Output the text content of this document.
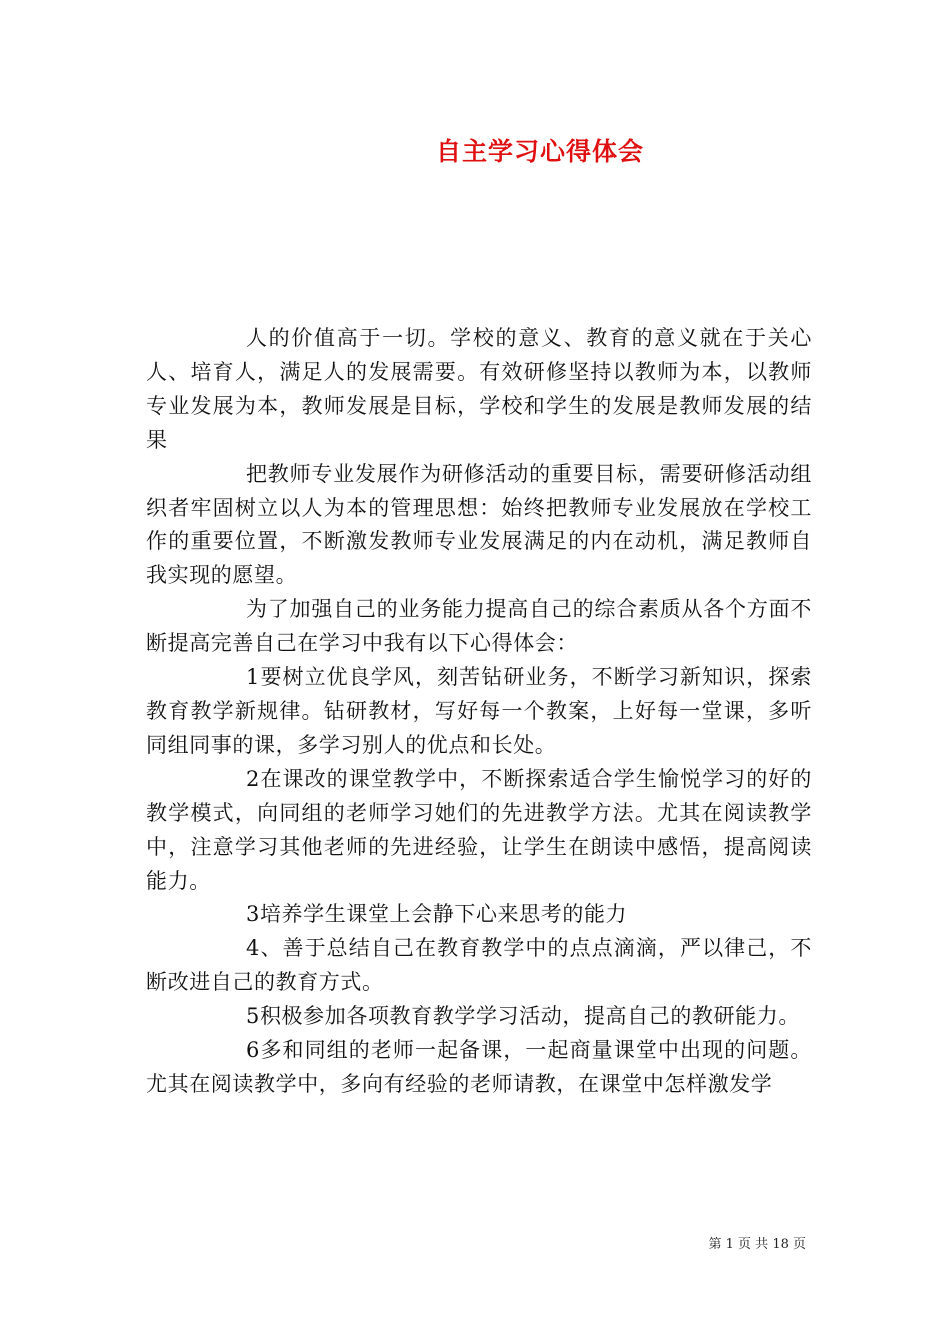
自主学习心得体会

人的价值高于一切。学校的意义、教育的意义就在于关心人、培育人，满足人的发展需要。有效研修坚持以教师为本，以教师专业发展为本，教师发展是目标，学校和学生的发展是教师发展的结果

把教师专业发展作为研修活动的重要目标，需要研修活动组织者牢固树立以人为本的管理思想：始终把教师专业发展放在学校工作的重要位置，不断激发教师专业发展满足的内在动机，满足教师自我实现的愿望。

为了加强自己的业务能力提高自己的综合素质从各个方面不断提高完善自己在学习中我有以下心得体会：

1要树立优良学风，刻苦钻研业务，不断学习新知识，探索教育教学新规律。钻研教材，写好每一个教案，上好每一堂课，多听同组同事的课，多学习别人的优点和长处。

2在课改的课堂教学中，不断探索适合学生愉悦学习的好的教学模式，向同组的老师学习她们的先进教学方法。尤其在阅读教学中，注意学习其他老师的先进经验，让学生在朗读中感悟，提高阅读能力。

3培养学生课堂上会静下心来思考的能力

4、善于总结自己在教育教学中的点点滴滴，严以律己，不断改进自己的教育方式。

5积极参加各项教育教学学习活动，提高自己的教研能力。

6多和同组的老师一起备课，一起商量课堂中出现的问题。尤其在阅读教学中，多向有经验的老师请教，在课堂中怎样激发学

第 1 页 共 18 页
